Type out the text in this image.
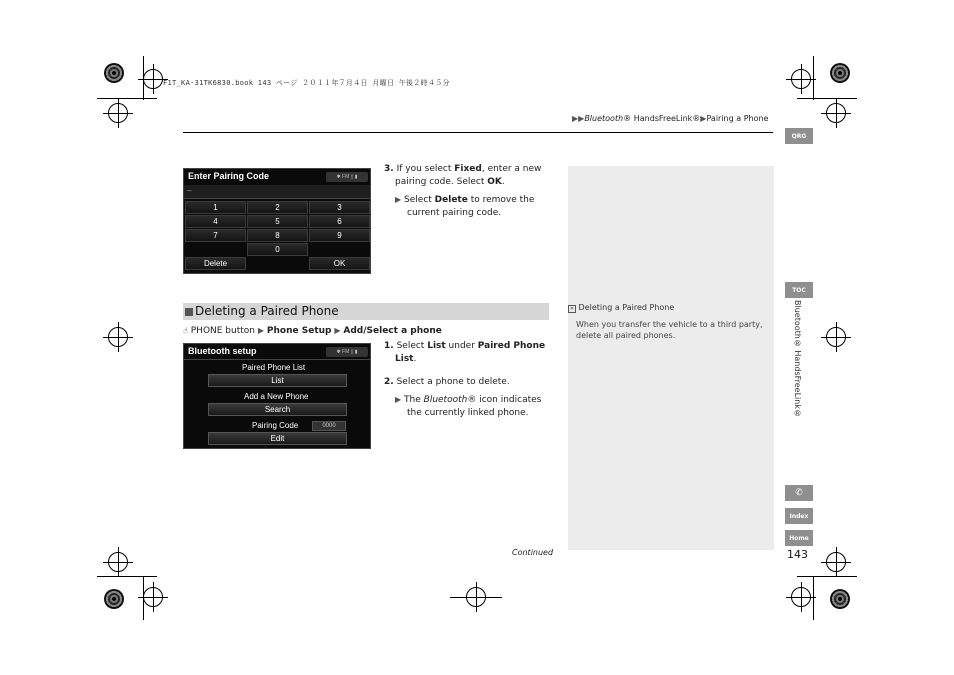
F1T_KA-31TK6830.book 143 ページ ２０１１年７月４日 月曜日 午後２時４５分
▶▶Bluetooth® HandsFreeLink®▶Pairing a Phone
QRG
TOC
Bluetooth® HandsFreeLink®
✆
Index
Home
Enter Pairing Code	✱ FM ▯ ▮
–
1	2	3
4	5	6
7	8	9
0
Delete	OK
3. If you select Fixed, enter a new
pairing code. Select OK.
▶ Select Delete to remove the
current pairing code.
Deleting a Paired Phone
☝ PHONE button ▶ Phone Setup ▶ Add/Select a phone
Bluetooth setup	✱ FM ▯ ▮
Paired Phone List
List
Add a New Phone
Search
Pairing Code	0000
Edit
1. Select List under Paired Phone
List.
2. Select a phone to delete.
▶ The Bluetooth® icon indicates
the currently linked phone.
» Deleting a Paired Phone
When you transfer the vehicle to a third party, delete all paired phones.
Continued	143
